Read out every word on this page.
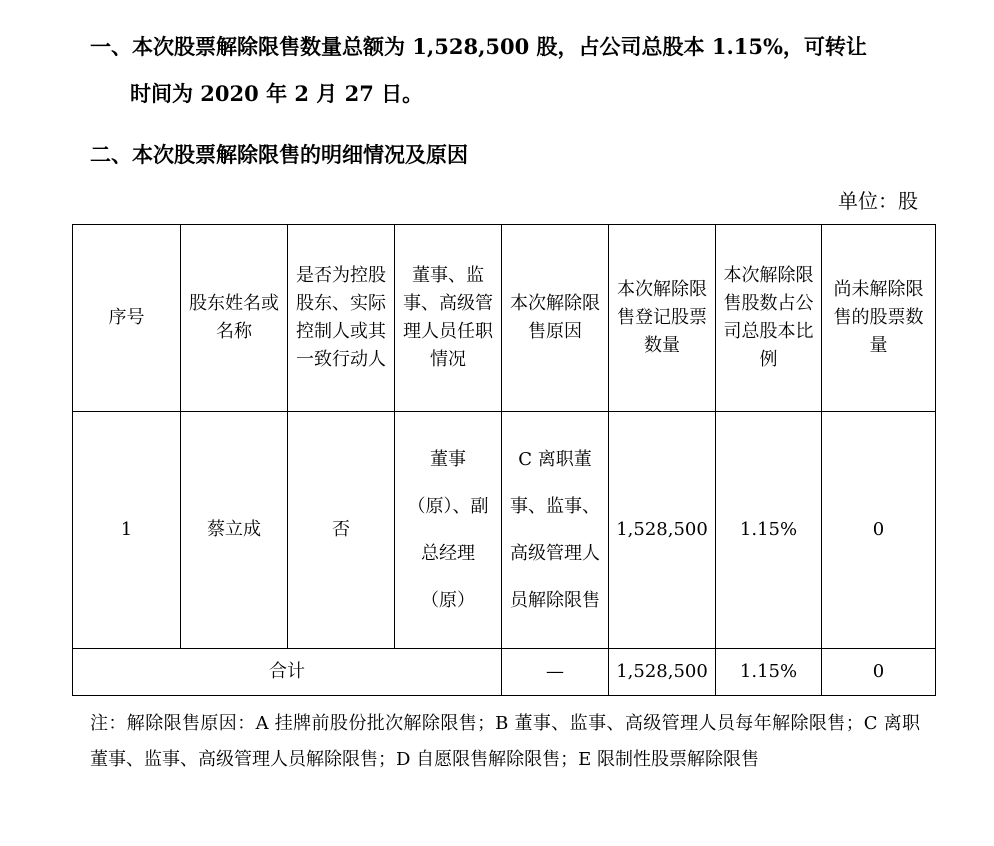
一、本次股票解除限售数量总额为 1,528,500 股，占公司总股本 1.15%，可转让
时间为 2020 年 2 月 27 日。
二、本次股票解除限售的明细情况及原因
单位：股
序号	股东姓名或名称	是否为控股股东、实际控制人或其一致行动人	董事、监事、高级管理人员任职情况	本次解除限售原因	本次解除限售登记股票数量	本次解除限售股数占公司总股本比例	尚未解除限售的股票数量
1	蔡立成	否	董事（原）、副总经理（原）	C 离职董事、监事、高级管理人员解除限售	1,528,500	1.15%	0
合计				—	1,528,500	1.15%	0
注：解除限售原因：A 挂牌前股份批次解除限售；B 董事、监事、高级管理人员每年解除限售；C 离职董事、监事、高级管理人员解除限售；D 自愿限售解除限售；E 限制性股票解除限售
